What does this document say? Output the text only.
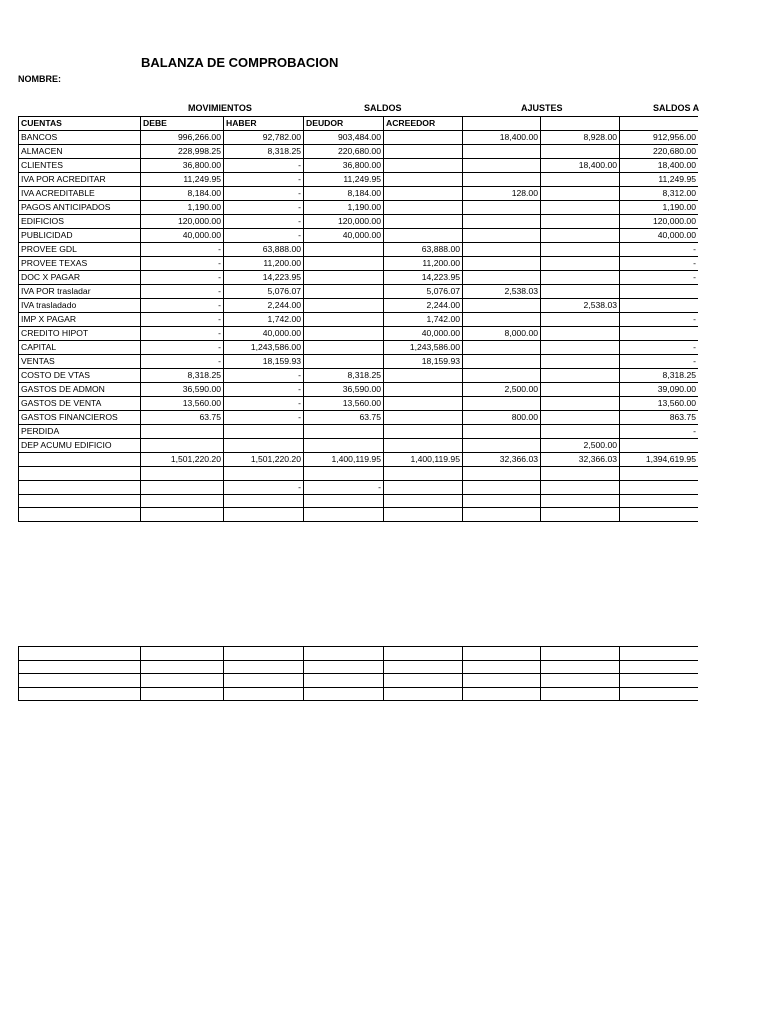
BALANZA DE COMPROBACION
NOMBRE:
MOVIMIENTOS	SALDOS	AJUSTES	SALDOS A
CUENTAS	DEBE	HABER	DEUDOR	ACREEDOR			
BANCOS	996,266.00	92,782.00	903,484.00		18,400.00	8,928.00	912,956.00
ALMACEN	228,998.25	8,318.25	220,680.00				220,680.00
CLIENTES	36,800.00	-	36,800.00			18,400.00	18,400.00
IVA POR ACREDITAR	11,249.95	-	11,249.95				11,249.95
IVA ACREDITABLE	8,184.00	-	8,184.00		128.00		8,312.00
PAGOS ANTICIPADOS	1,190.00	-	1,190.00				1,190.00
EDIFICIOS	120,000.00	-	120,000.00				120,000.00
PUBLICIDAD	40,000.00	-	40,000.00				40,000.00
PROVEE GDL	-	63,888.00		63,888.00			-
PROVEE TEXAS	-	11,200.00		11,200.00			-
DOC X PAGAR	-	14,223.95		14,223.95			-
IVA POR trasladar	-	5,076.07		5,076.07	2,538.03		
IVA trasladado	-	2,244.00		2,244.00		2,538.03	
IMP X PAGAR	-	1,742.00		1,742.00			-
CREDITO HIPOT	-	40,000.00		40,000.00	8,000.00		
CAPITAL	-	1,243,586.00		1,243,586.00			-
VENTAS	-	18,159.93		18,159.93			-
COSTO DE VTAS	8,318.25	-	8,318.25				8,318.25
GASTOS DE ADMON	36,590.00	-	36,590.00		2,500.00		39,090.00
GASTOS DE VENTA	13,560.00	-	13,560.00				13,560.00
GASTOS FINANCIEROS	63.75	-	63.75		800.00		863.75
PERDIDA							-
DEP ACUMU EDIFICIO						2,500.00	
	1,501,220.20	1,501,220.20	1,400,119.95	1,400,119.95	32,366.03	32,366.03	1,394,619.95

		-	-				
